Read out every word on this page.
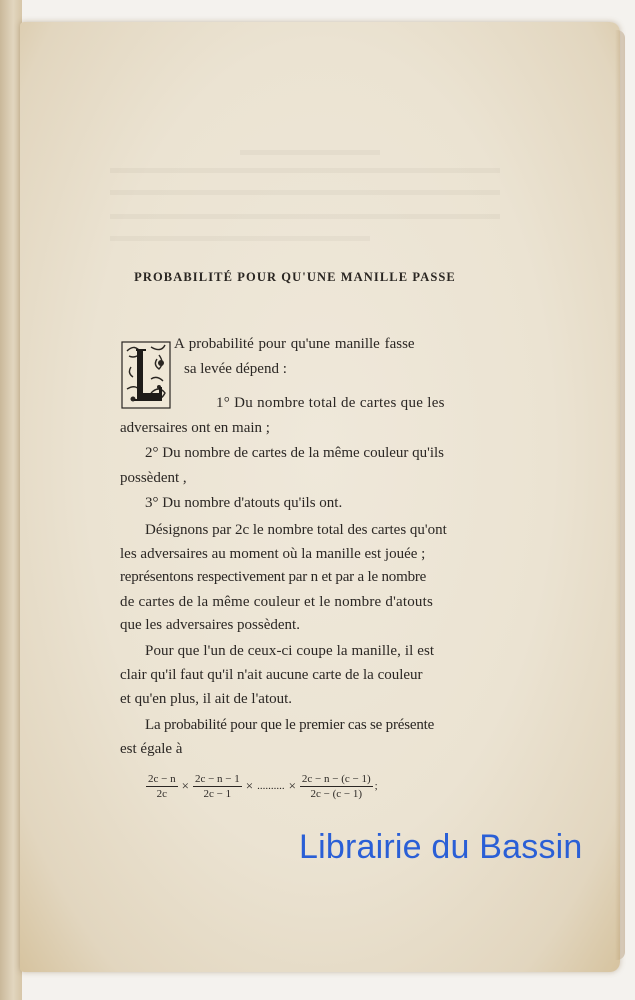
PROBABILITÉ POUR QU'UNE MANILLE PASSE
A probabilité pour qu'une manille fasse
sa levée dépend :
1° Du nombre total de cartes que les
adversaires ont en main ;
2° Du nombre de cartes de la même couleur qu'ils
possèdent ,
3° Du nombre d'atouts qu'ils ont.
Désignons par 2c le nombre total des cartes qu'ont
les adversaires au moment où la manille est jouée ;
représentons respectivement par n et par a le nombre
de cartes de la même couleur et le nombre d'atouts
que les adversaires possèdent.
Pour que l'un de ceux-ci coupe la manille, il est
clair qu'il faut qu'il n'ait aucune carte de la couleur
et qu'en plus, il ait de l'atout.
La probabilité pour que le premier cas se présente
est égale à
$\frac{2c - n}{2c} \times \frac{2c - n - 1}{2c - 1}$ × .......... × $\frac{2c - n - (c - 1)}{2c - (c - 1)}$ ;
Librairie du Bassin
